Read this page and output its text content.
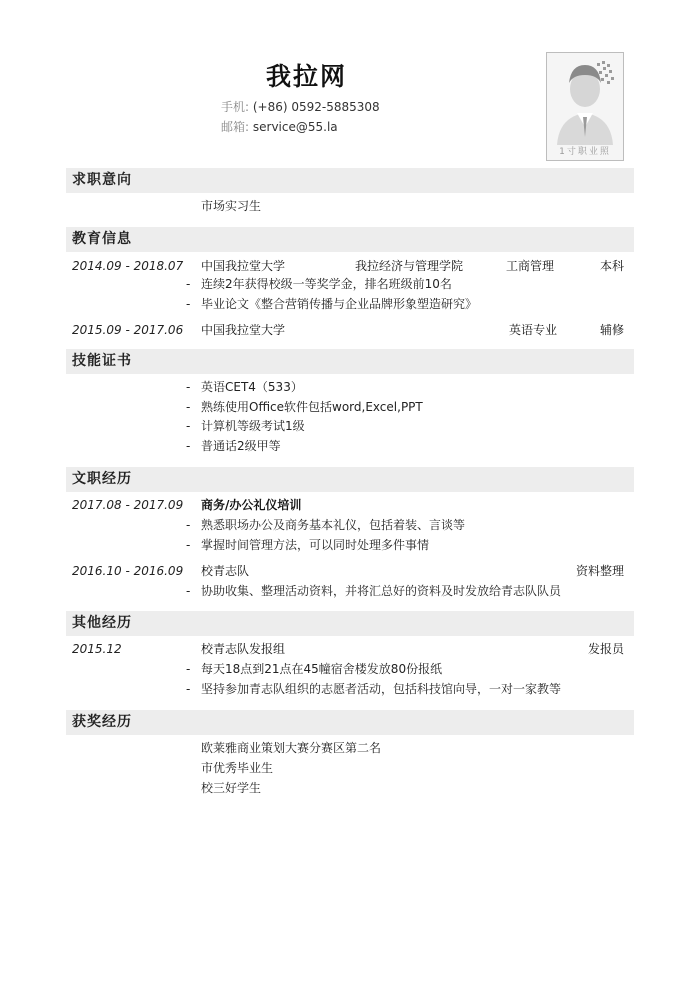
我拉网
手机: (+86) 0592-5885308
邮箱: service@55.la
1寸职业照
求职意向
市场实习生
教育信息
2014.09 - 2018.07 中国我拉堂大学	我拉经济与管理学院	工商管理	本科
- 连续2年获得校级一等奖学金，排名班级前10名
- 毕业论文《整合营销传播与企业品牌形象塑造研究》
2015.09 - 2017.06 中国我拉堂大学	英语专业	辅修
技能证书
- 英语CET4（533）
- 熟练使用Office软件包括word,Excel,PPT
- 计算机等级考试1级
- 普通话2级甲等
文职经历
2017.08 - 2017.09 商务/办公礼仪培训
- 熟悉职场办公及商务基本礼仪，包括着装、言谈等
- 掌握时间管理方法，可以同时处理多件事情
2016.10 - 2016.09 校青志队	资料整理
- 协助收集、整理活动资料，并将汇总好的资料及时发放给青志队队员
其他经历
2015.12	校青志队发报组	发报员
- 每天18点到21点在45幢宿舍楼发放80份报纸
- 坚持参加青志队组织的志愿者活动，包括科技馆向导，一对一家教等
获奖经历
欧莱雅商业策划大赛分赛区第二名
市优秀毕业生
校三好学生
